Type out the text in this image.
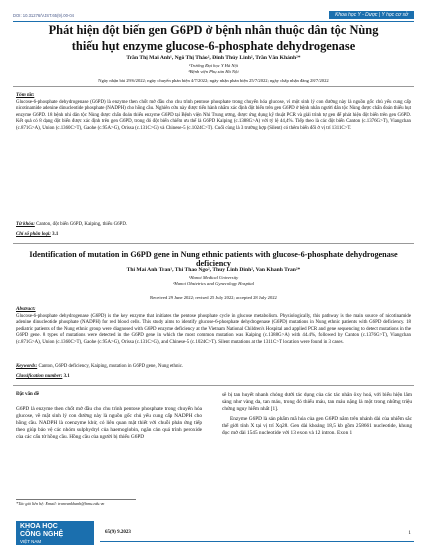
DOI: 10.31276/VJST.65(9).00-04	Khoa học Y - Dược | Y học cơ sở
Phát hiện đột biến gen G6PD ở bệnh nhân thuộc dân tộc Nùng
thiếu hụt enzyme glucose-6-phosphate dehydrogenase
Trần Thị Mai Anh¹, Ngô Thị Thảo², Đinh Thúy Linh², Trần Vân Khánh²*
¹Trường Đại học Y Hà Nội
²Bệnh viện Phụ sản Hà Nội
Ngày nhận bài 29/6/2022; ngày chuyển phản biện 4/7/2022; ngày nhận phản biện 25/7/2022; ngày chấp nhận đăng 28/7/2022
Tóm tắt:
Glucose-6-phosphate dehydrogenase (G6PD) là enzyme then chốt mở đầu cho chu trình pentose phosphate trong chuyển hóa glucose, vì một sinh lý con đường này là nguồn gốc chủ yếu cung cấp nicotinamide adenine dinucleotide phosphate (NADPH) cho hồng cầu. Nghiên cứu này được tiến hành nhằm xác định đột biến trên gen G6PD ở bệnh nhân người dân tộc Nùng được chẩn đoán thiếu hụt enzyme G6PD. 18 bệnh nhi dân tộc Nùng được chẩn đoán thiếu enzyme G6PD tại Bệnh viện Nhi Trung ương, được ứng dụng kỹ thuật PCR và giải trình tự gen để phát hiện đột biến trên gen G6PD. Kết quả có 8 dạng đột biến được xác định trên gen G6PD, trong đó đột biến chiếm ưu thế là G6PD Kaiping (c.1388G>A) với tỷ lệ 44,4%. Tiếp theo là các đột biến Canton (c.1376G>T), Viangchan (c.871G>A), Union (c.1360C>T), Gaohe (c.95A>G), Orissa (c.131C>G) và Chinese-5 (c.1024C>T). Cuối cùng là 3 trường hợp (Silent) có thêm biến đổi ở vị trí 1311C>T.
Từ khóa: Canton, đột biến G6PD, Kaiping, thiếu G6PD.
Chỉ số phân loại: 3.1
Identification of mutation in G6PD gene in Nung ethnic patients with glucose-6-phosphate dehydrogenase deficiency
Thi Mai Anh Tran¹, Thi Thao Ngo², Thuy Linh Dinh², Van Khanh Tran²*
¹Hanoi Medical University
²Hanoi Obstetrics and Gynecology Hospital
Received 29 June 2022; revised 25 July 2022; accepted 28 July 2022
Abstract:
Glucose-6-phosphate dehydrogenase (G6PD) is the key enzyme that initiates the pentose phosphate cycle in glucose metabolism. Physiologically, this pathway is the main source of nicotinamide adenine dinucleotide phosphate (NADPH) for red blood cells. This study aims to identify glucose-6-phosphate dehydrogenase (G6PD) mutations in Nung ethnic patients with G6PD deficiency. 18 pediatric patients of the Nung ethnic group were diagnosed with G6PD enzyme deficiency at the Vietnam National Children's Hospital and applied PCR and gene sequencing to detect mutations in the G6PD gene. 8 types of mutations were detected in the G6PD gene in which the most common mutation was Kaiping (c.1388G>A) with 44.4%, followed by Canton (c.1376G>T), Viangchan (c.871G>A), Union (c.1360C>T), Gaohe (c.95A>G), Orissa (c.131C>G), and Chinese-5 (c.1024C>T). Silent mutations at the 1311C>T location were found in 3 cases.
Keywords: Canton, G6PD deficiency, Kaiping, mutation in G6PD gene, Nung ethnic.
Classification number: 3.1
Đặt vấn đề
G6PD là enzyme then chốt mở đầu cho chu trình pentose phosphate trong chuyển hóa glucose, về mặt sinh lý con đường này là nguồn gốc chủ yếu cung cấp NADPH cho hồng cầu. NADPH là coenzyme khử, có liên quan mật thiết với chuỗi phản ứng tiếp theo giúp bảo vệ các nhóm sulphydryl của haemoglobin, ngăn cản quá trình peroxide của các cấu tử hồng cầu. Hồng cầu của người bị thiếu G6PD
sẽ bị tan huyết nhanh chóng dưới tác dụng của các tác nhân ôxy hoá, với biểu hiện lâm sàng như vàng da, tan máu, trong đó thiếu máu, tan máu nặng là một trong những triệu chứng nguy hiểm nhất [1].
Enzyme G6PD là sản phẩm mã hóa của gen G6PD nằm trên nhánh dài của nhiễm sắc thể giới tính X tại vị trí Xq28. Gen dài khoảng 18,5 kb gồm 258661 nucleotide, khung đọc mở dài 1545 nucleotide với 13 exon và 12 intron. Exon 1
*Tác giả liên hệ: Email: tranvankhanh@hmu.edu.vn
KHOA HỌC
CÔNG NGHỆ
VIỆT NAM
65(9) 9.2023	1
